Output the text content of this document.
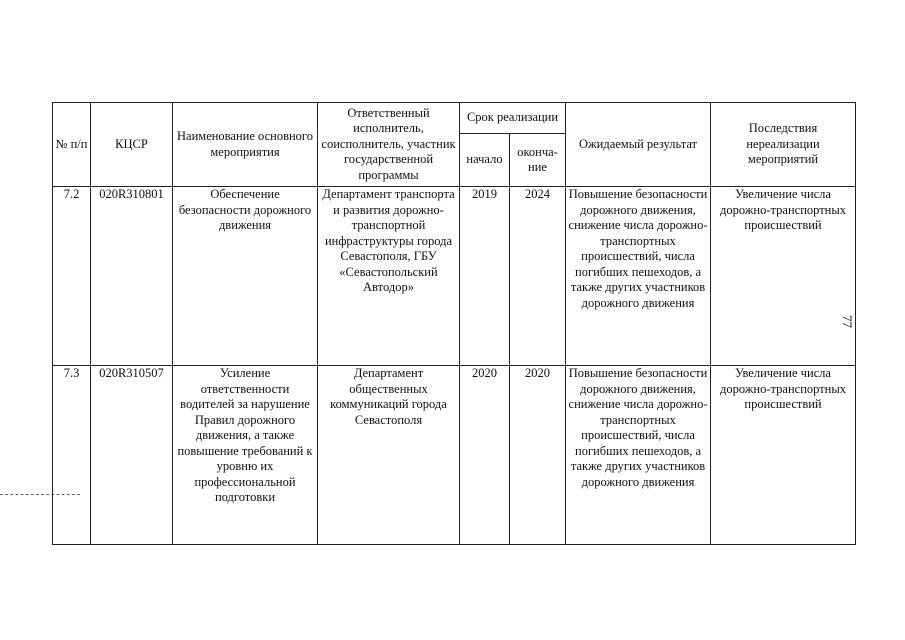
№ п/п	КЦСР	Наименование основного мероприятия	Ответственный исполнитель, соисполнитель, участник государственной программы	Срок реализации		Ожидаемый результат	Последствия нереализации мероприятий
				начало	оконча-ние		
7.2	020R310801	Обеспечение безопасности дорожного движения	Департамент транспорта и развития дорожно-транспортной инфраструктуры города Севастополя, ГБУ «Севастопольский Автодор»	2019	2024	Повышение безопасности дорожного движения, снижение числа дорожно-транспортных происшествий, числа погибших пешеходов, а также других участников дорожного движения	Увеличение числа дорожно-транспортных происшествий
7.3	020R310507	Усиление ответственности водителей за нарушение Правил дорожного движения, а также повышение требований к уровню их профессиональной подготовки	Департамент общественных коммуникаций города Севастополя	2020	2020	Повышение безопасности дорожного движения, снижение числа дорожно-транспортных происшествий, числа погибших пешеходов, а также других участников дорожного движения	Увеличение числа дорожно-транспортных происшествий
77
